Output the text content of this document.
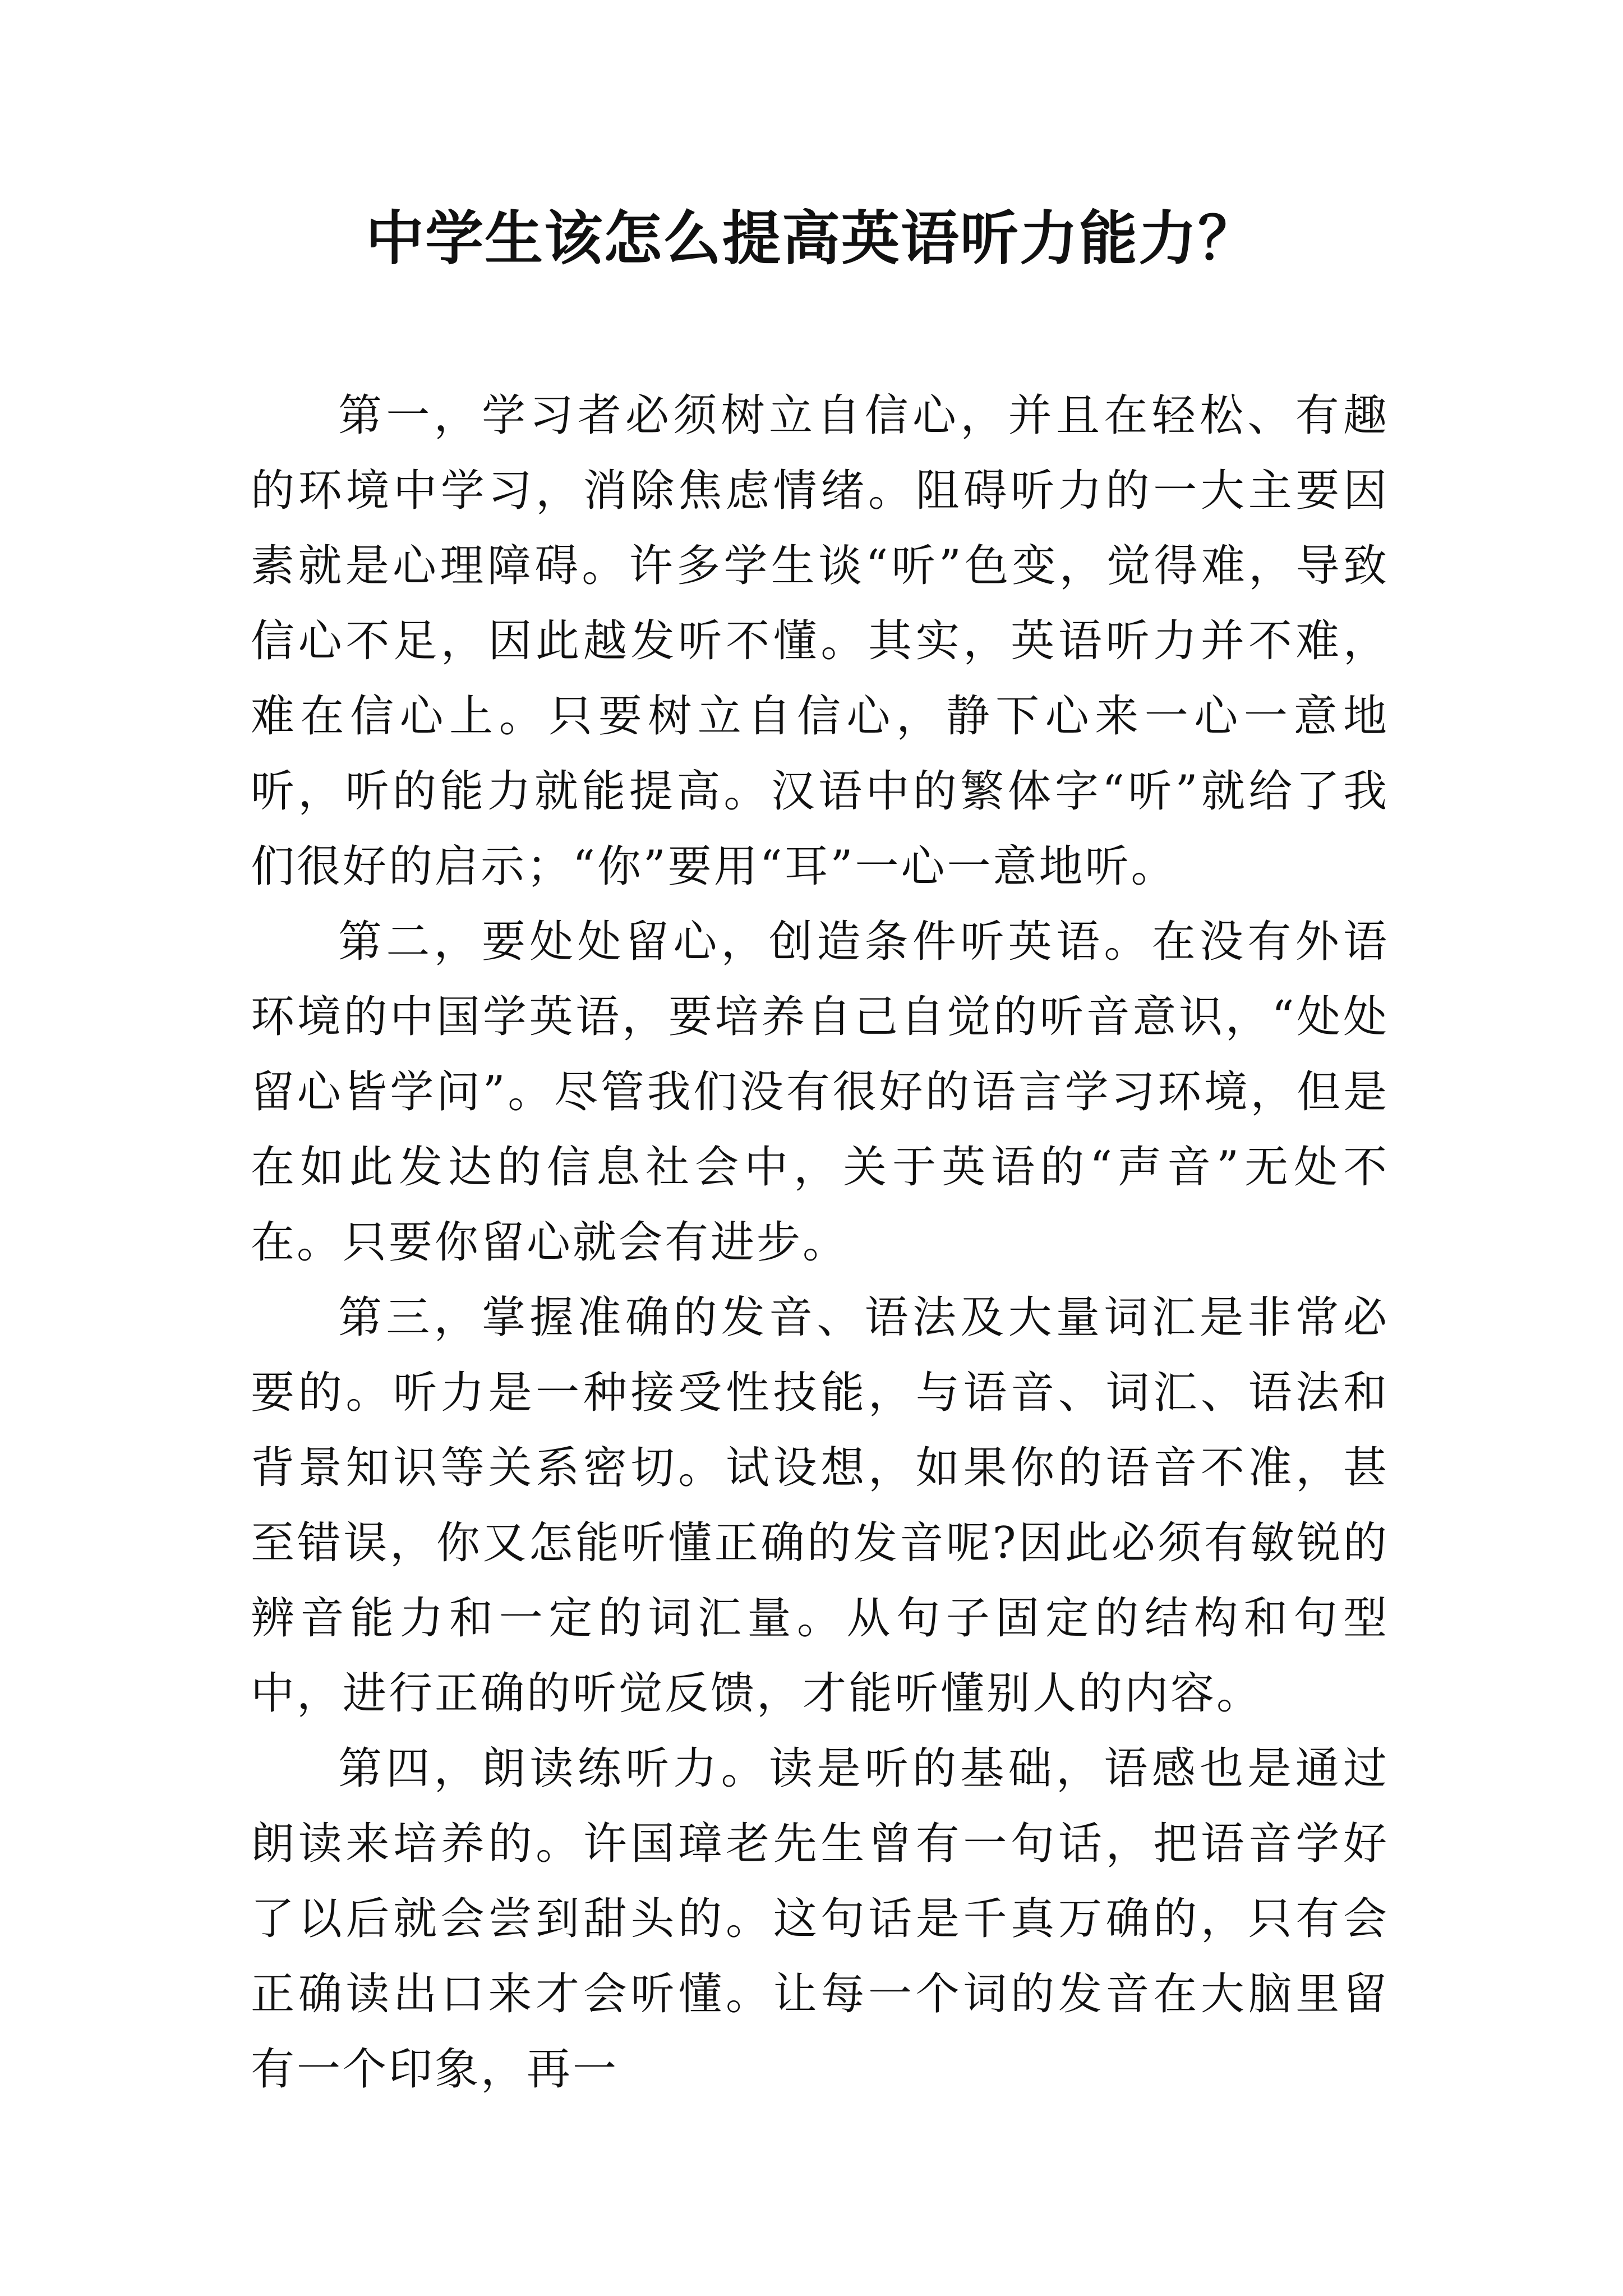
中学生该怎么提高英语听力能力？

第一，学习者必须树立自信心，并且在轻松、有趣的环境中学习，消除焦虑情绪。阻碍听力的一大主要因素就是心理障碍。许多学生谈“听”色变，觉得难，导致信心不足，因此越发听不懂。其实，英语听力并不难，难在信心上。只要树立自信心，静下心来一心一意地听，听的能力就能提高。汉语中的繁体字“听”就给了我们很好的启示；“你”要用“耳”一心一意地听。

第二，要处处留心，创造条件听英语。在没有外语环境的中国学英语，要培养自己自觉的听音意识，“处处留心皆学问”。尽管我们没有很好的语言学习环境，但是在如此发达的信息社会中，关于英语的“声音”无处不在。只要你留心就会有进步。

第三，掌握准确的发音、语法及大量词汇是非常必要的。听力是一种接受性技能，与语音、词汇、语法和背景知识等关系密切。试设想，如果你的语音不准，甚至错误，你又怎能听懂正确的发音呢?因此必须有敏锐的辨音能力和一定的词汇量。从句子固定的结构和句型中，进行正确的听觉反馈，才能听懂别人的内容。

第四，朗读练听力。读是听的基础，语感也是通过朗读来培养的。许国璋老先生曾有一句话，把语音学好了以后就会尝到甜头的。这句话是千真万确的，只有会正确读出口来才会听懂。让每一个词的发音在大脑里留有一个印象，再一
